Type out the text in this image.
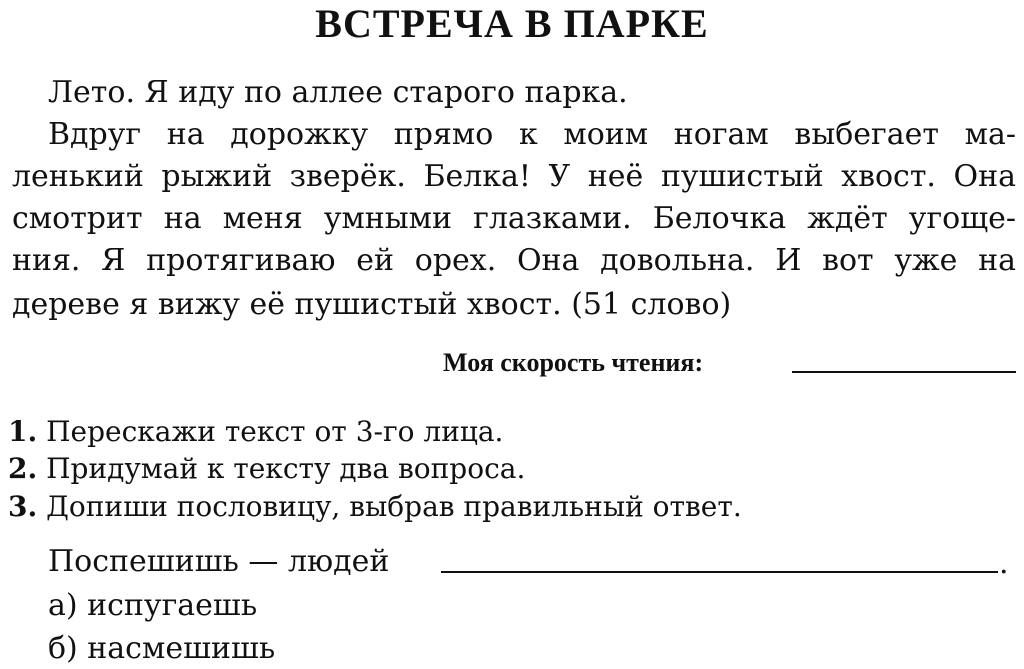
ВСТРЕЧА В ПАРКЕ
Лето. Я иду по аллее старого парка.
Вдруг на дорожку прямо к моим ногам выбегает ма-
ленький рыжий зверёк. Белка! У неё пушистый хвост. Она
смотрит на меня умными глазками. Белочка ждёт угоще-
ния. Я протягиваю ей орех. Она довольна. И вот уже на
дереве я вижу её пушистый хвост. (51 слово)
Моя скорость чтения:
1. Перескажи текст от 3-го лица.
2. Придумай к тексту два вопроса.
3. Допиши пословицу, выбрав правильный ответ.
Поспешишь — людей	.
а) испугаешь
б) насмешишь
